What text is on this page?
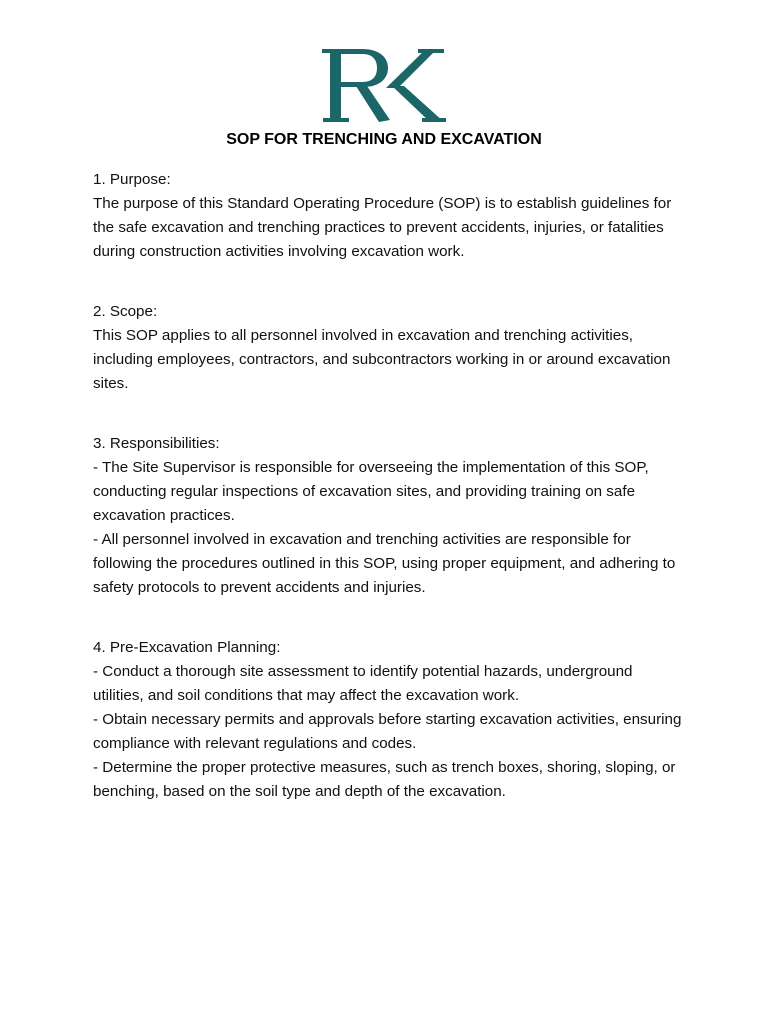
SOP FOR TRENCHING AND EXCAVATION

1. Purpose:

The purpose of this Standard Operating Procedure (SOP) is to establish guidelines for the safe excavation and trenching practices to prevent accidents, injuries, or fatalities during construction activities involving excavation work.

2. Scope:

This SOP applies to all personnel involved in excavation and trenching activities, including employees, contractors, and subcontractors working in or around excavation sites.

3. Responsibilities:

- The Site Supervisor is responsible for overseeing the implementation of this SOP, conducting regular inspections of excavation sites, and providing training on safe excavation practices.

- All personnel involved in excavation and trenching activities are responsible for following the procedures outlined in this SOP, using proper equipment, and adhering to safety protocols to prevent accidents and injuries.

4. Pre-Excavation Planning:

- Conduct a thorough site assessment to identify potential hazards, underground utilities, and soil conditions that may affect the excavation work.

- Obtain necessary permits and approvals before starting excavation activities, ensuring compliance with relevant regulations and codes.

- Determine the proper protective measures, such as trench boxes, shoring, sloping, or benching, based on the soil type and depth of the excavation.
